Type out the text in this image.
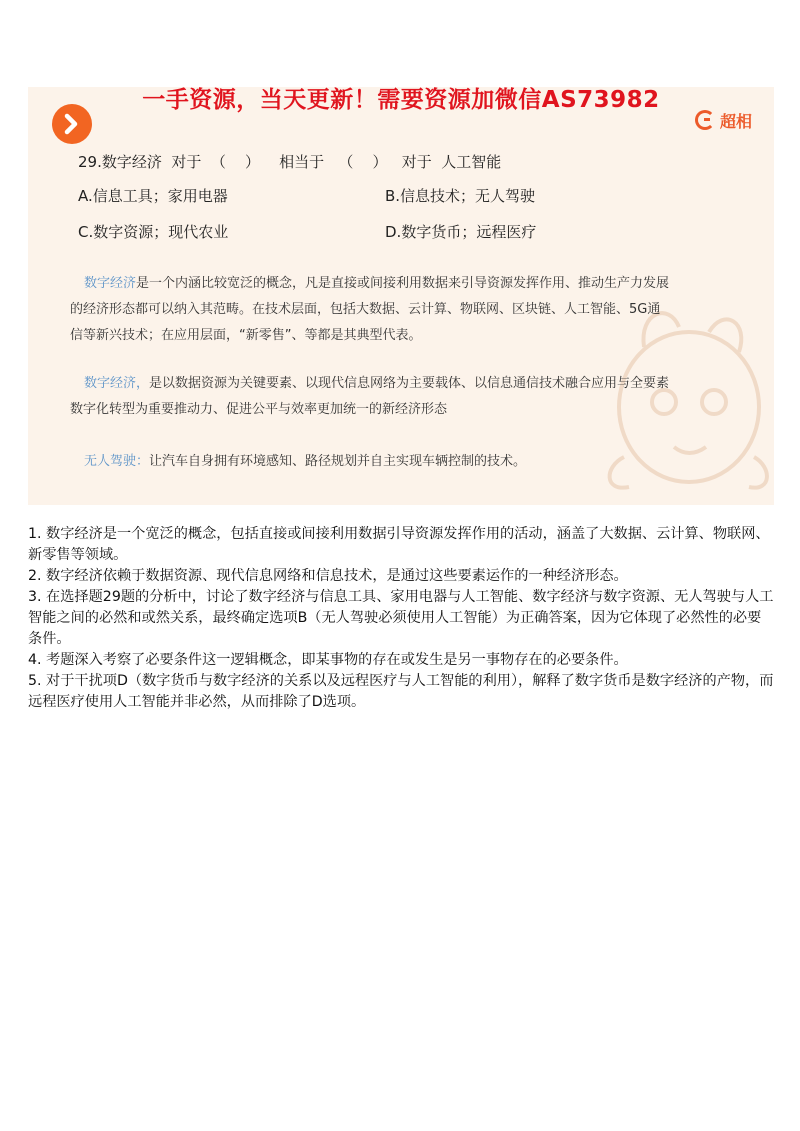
一手资源，当天更新！需要资源加微信AS73982
超相
29.数字经济  对于  （    ）    相当于   （    ）   对于  人工智能
A.信息工具；家用电器	B.信息技术；无人驾驶
C.数字资源；现代农业	D.数字货币；远程医疗
数字经济是一个内涵比较宽泛的概念，凡是直接或间接利用数据来引导资源发挥作用、推动生产力发展
的经济形态都可以纳入其范畴。在技术层面，包括大数据、云计算、物联网、区块链、人工智能、5G通
信等新兴技术；在应用层面，“新零售”、等都是其典型代表。
数字经济，是以数据资源为关键要素、以现代信息网络为主要载体、以信息通信技术融合应用与全要素
数字化转型为重要推动力、促进公平与效率更加统一的新经济形态
无人驾驶：让汽车自身拥有环境感知、路径规划并自主实现车辆控制的技术。

1. 数字经济是一个宽泛的概念，包括直接或间接利用数据引导资源发挥作用的活动，涵盖了大数据、云计算、物联网、新零售等领域。

2. 数字经济依赖于数据资源、现代信息网络和信息技术，是通过这些要素运作的一种经济形态。

3. 在选择题29题的分析中，讨论了数字经济与信息工具、家用电器与人工智能、数字经济与数字资源、无人驾驶与人工智能之间的必然和或然关系，最终确定选项B（无人驾驶必须使用人工智能）为正确答案，因为它体现了必然性的必要条件。

4. 考题深入考察了必要条件这一逻辑概念，即某事物的存在或发生是另一事物存在的必要条件。

5. 对于干扰项D（数字货币与数字经济的关系以及远程医疗与人工智能的利用），解释了数字货币是数字经济的产物，而远程医疗使用人工智能并非必然，从而排除了D选项。
